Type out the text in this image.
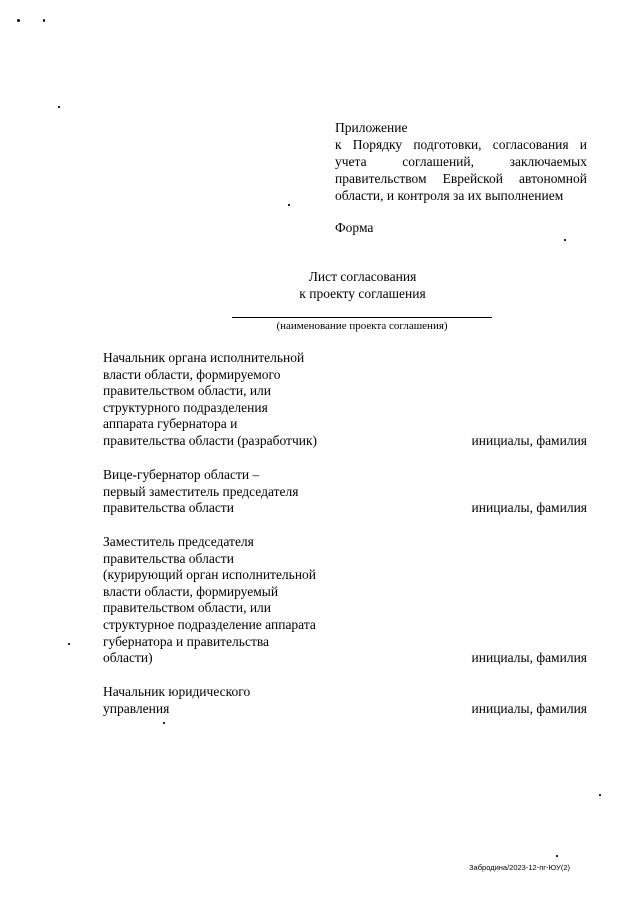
Приложение
к Порядку подготовки, согласования и
учета соглашений, заключаемых
правительством Еврейской автономной
области, и контроля за их выполнением
Форма
Лист согласования
к проекту соглашения
(наименование проекта соглашения)
Начальник органа исполнительной
власти области, формируемого
правительством области, или
структурного подразделения
аппарата губернатора и
правительства области (разработчик)	инициалы, фамилия
Вице-губернатор области –
первый заместитель председателя
правительства области	инициалы, фамилия
Заместитель председателя
правительства области
(курирующий орган исполнительной
власти области, формируемый
правительством области, или
структурное подразделение аппарата
губернатора и правительства
области)	инициалы, фамилия
Начальник юридического
управления	инициалы, фамилия
Забродина/2023-12-пг-ЮУ(2)
